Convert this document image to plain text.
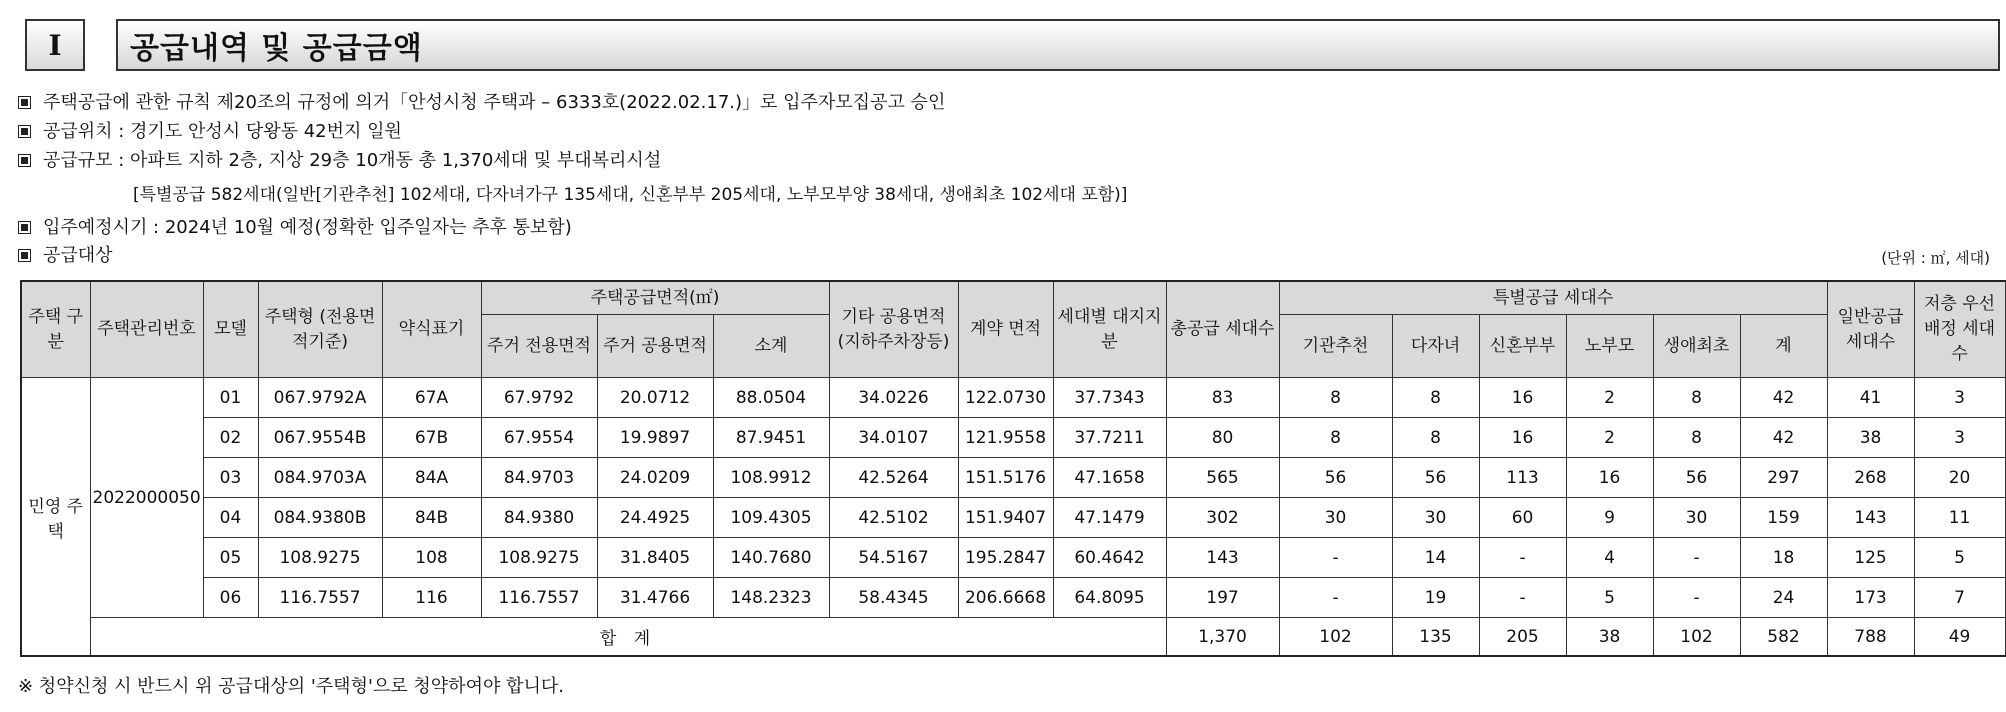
I	공급내역 및 공급금액
주택공급에 관한 규칙 제20조의 규정에 의거「안성시청 주택과 – 6333호(2022.02.17.)」로 입주자모집공고 승인
공급위치 : 경기도 안성시 당왕동 42번지 일원
공급규모 : 아파트 지하 2층, 지상 29층 10개동 총 1,370세대 및 부대복리시설
[특별공급 582세대(일반[기관추천] 102세대, 다자녀가구 135세대, 신혼부부 205세대, 노부모부양 38세대, 생애최초 102세대 포함)]
입주예정시기 : 2024년 10월 예정(정확한 입주일자는 추후 통보함)
공급대상	(단위 : ㎡, 세대)
주택 구분	주택관리번호	모델	주택형 (전용면적기준)	약식표기	주택공급면적(㎡)			기타 공용면적 (지하주차장등)	계약 면적	세대별 대지지분	총공급 세대수	특별공급 세대수						일반공급 세대수	저층 우선배정 세대수
					주거 전용면적	주거 공용면적	소계					기관추천	다자녀	신혼부부	노부모	생애최초	계		
민영 주택	2022000050	01	067.9792A	67A	67.9792	20.0712	88.0504	34.0226	122.0730	37.7343	83	8	8	16	2	8	42	41	3
		02	067.9554B	67B	67.9554	19.9897	87.9451	34.0107	121.9558	37.7211	80	8	8	16	2	8	42	38	3
		03	084.9703A	84A	84.9703	24.0209	108.9912	42.5264	151.5176	47.1658	565	56	56	113	16	56	297	268	20
		04	084.9380B	84B	84.9380	24.4925	109.4305	42.5102	151.9407	47.1479	302	30	30	60	9	30	159	143	11
		05	108.9275	108	108.9275	31.8405	140.7680	54.5167	195.2847	60.4642	143	-	14	-	4	-	18	125	5
		06	116.7557	116	116.7557	31.4766	148.2323	58.4345	206.6668	64.8095	197	-	19	-	5	-	24	173	7
	합 계										1,370	102	135	205	38	102	582	788	49
※ 청약신청 시 반드시 위 공급대상의 '주택형'으로 청약하여야 합니다.
